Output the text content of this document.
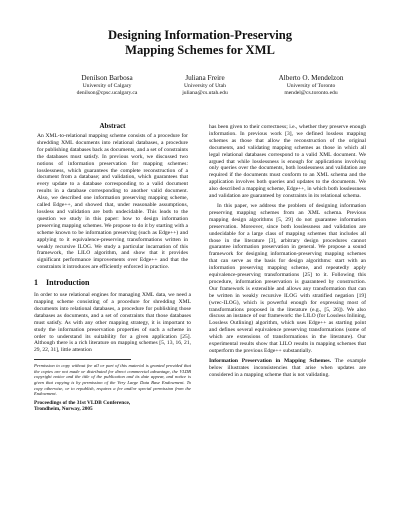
Designing Information-Preserving
Mapping Schemes for XML
Denilson Barbosa
University of Calgary
denilson@cpsc.ucalgary.ca
Juliana Freire
University of Utah
juliana@cs.utah.edu
Alberto O. Mendelzon
University of Toronto
mendel@cs.toronto.edu
Abstract

An XML-to-relational mapping scheme consists of a procedure for shredding XML documents into relational databases, a procedure for publishing databases back as documents, and a set of constraints the databases must satisfy. In previous work, we discussed two notions of information preservation for mapping schemes: losslessness, which guarantees the complete reconstruction of a document from a database; and validation, which guarantees that every update to a database corresponding to a valid document results in a database corresponding to another valid document. Also, we described one information preserving mapping scheme, called Edge++, and showed that, under reasonable assumptions, lossless and validation are both undecidable. This leads to the question we study in this paper: how to design information preserving mapping schemes. We propose to do it by starting with a scheme known to be information preserving (such as Edge++) and applying to it equivalence-preserving transformations written in weakly recursive ILOG. We study a particular incarnation of this framework, the LILO algorithm, and show that it provides significant performance improvements over Edge++ and that the constraints it introduces are efficiently enforced in practice.

1 Introduction

In order to use relational engines for managing XML data, we need a mapping scheme consisting of a procedure for shredding XML documents into relational databases, a procedure for publishing those databases as documents, and a set of constraints that those databases must satisfy. As with any other mapping strategy, it is important to study the information preservation properties of such a scheme in order to understand its suitability for a given application [25]. Although there is a rich literature on mapping schemes [5, 13, 16, 21, 29, 22, 31], little attention

Permission to copy without fee all or part of this material is granted provided that the copies are not made or distributed for direct commercial advantage, the VLDB copyright notice and the title of the publication and its date appear, and notice is given that copying is by permission of the Very Large Data Base Endowment. To copy otherwise, or to republish, requires a fee and/or special permission from the Endowment.

Proceedings of the 31st VLDB Conference,
Trondheim, Norway, 2005

has been given to their correctness; i.e., whether they preserve enough information. In previous work [3], we defined lossless mapping schemes as those that allow the reconstruction of the original documents, and validating mapping schemes as those in which all legal relational databases correspond to a valid XML document. We argued that while losslessness is enough for applications involving only queries over the documents, both losslessness and validation are required if the documents must conform to an XML schema and the application involves both queries and updates to the documents. We also described a mapping scheme, Edge++, in which both losslessness and validation are guaranteed by constraints in its relational schema.

In this paper, we address the problem of designing information preserving mapping schemes from an XML schema. Previous mapping design algorithms [5, 29] do not guarantee information preservation. Moreover, since both losslessness and validation are undecidable for a large class of mapping schemes that includes all those in the literature [3], arbitrary design procedures cannot guarantee information preservation in general. We propose a sound framework for designing information-preserving mapping schemes that can serve as the basis for design algorithms: start with an information preserving mapping scheme, and repeatedly apply equivalence-preserving transformations [25] to it. Following this procedure, information preservation is guaranteed by construction. Our framework is extensible and allows any transformation that can be written in weakly recursive ILOG with stratified negation [19] (wrec-ILOG), which is powerful enough for expressing most of transformations proposed in the literature (e.g., [5, 26]). We also discuss an instance of our framework: the LILO (for Lossless Inlining, Lossless Outlining) algorithm, which uses Edge++ as starting point and defines several equivalence preserving transformations (some of which are extensions of transformations in the literature). Our experimental results show that LILO results in mapping schemes that outperform the previous Edge++ substantially.

Information Preservation in Mapping Schemes. The example below illustrates inconsistencies that arise when updates are considered in a mapping scheme that is not validating.
